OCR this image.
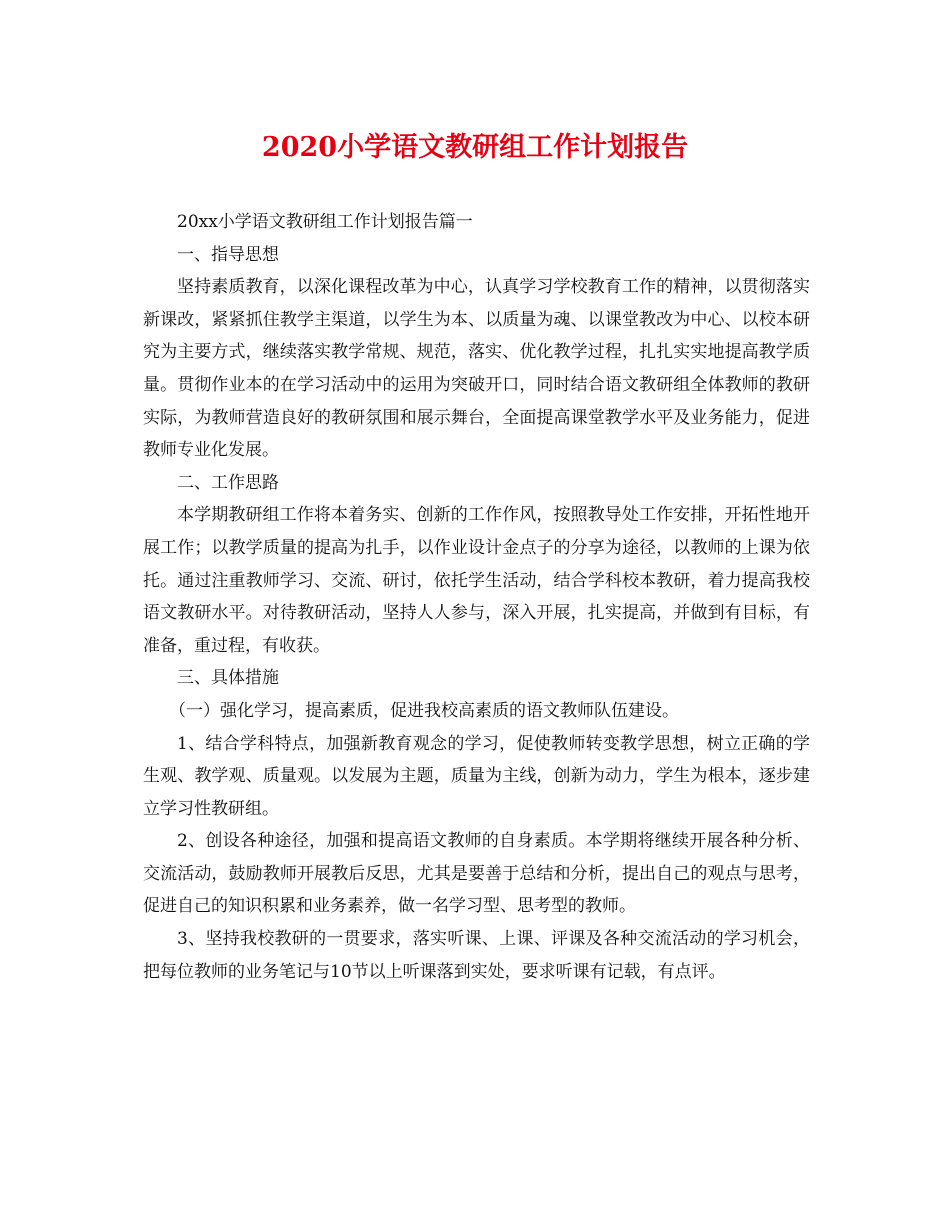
2020小学语文教研组工作计划报告

20xx小学语文教研组工作计划报告篇一

一、指导思想

坚持素质教育，以深化课程改革为中心，认真学习学校教育工作的精神，以贯彻落实新课改，紧紧抓住教学主渠道，以学生为本、以质量为魂、以课堂教改为中心、以校本研究为主要方式，继续落实教学常规、规范，落实、优化教学过程，扎扎实实地提高教学质量。贯彻作业本的在学习活动中的运用为突破开口，同时结合语文教研组全体教师的教研实际，为教师营造良好的教研氛围和展示舞台，全面提高课堂教学水平及业务能力，促进教师专业化发展。

二、工作思路

本学期教研组工作将本着务实、创新的工作作风，按照教导处工作安排，开拓性地开展工作；以教学质量的提高为扎手，以作业设计金点子的分享为途径，以教师的上课为依托。通过注重教师学习、交流、研讨，依托学生活动，结合学科校本教研，着力提高我校语文教研水平。对待教研活动，坚持人人参与，深入开展，扎实提高，并做到有目标，有准备，重过程，有收获。

三、具体措施

（一）强化学习，提高素质，促进我校高素质的语文教师队伍建设。

1、结合学科特点，加强新教育观念的学习，促使教师转变教学思想，树立正确的学生观、教学观、质量观。以发展为主题，质量为主线，创新为动力，学生为根本，逐步建立学习性教研组。

2、创设各种途径，加强和提高语文教师的自身素质。本学期将继续开展各种分析、交流活动，鼓励教师开展教后反思，尤其是要善于总结和分析，提出自己的观点与思考，促进自己的知识积累和业务素养，做一名学习型、思考型的教师。

3、坚持我校教研的一贯要求，落实听课、上课、评课及各种交流活动的学习机会，把每位教师的业务笔记与10节以上听课落到实处，要求听课有记载，有点评。
